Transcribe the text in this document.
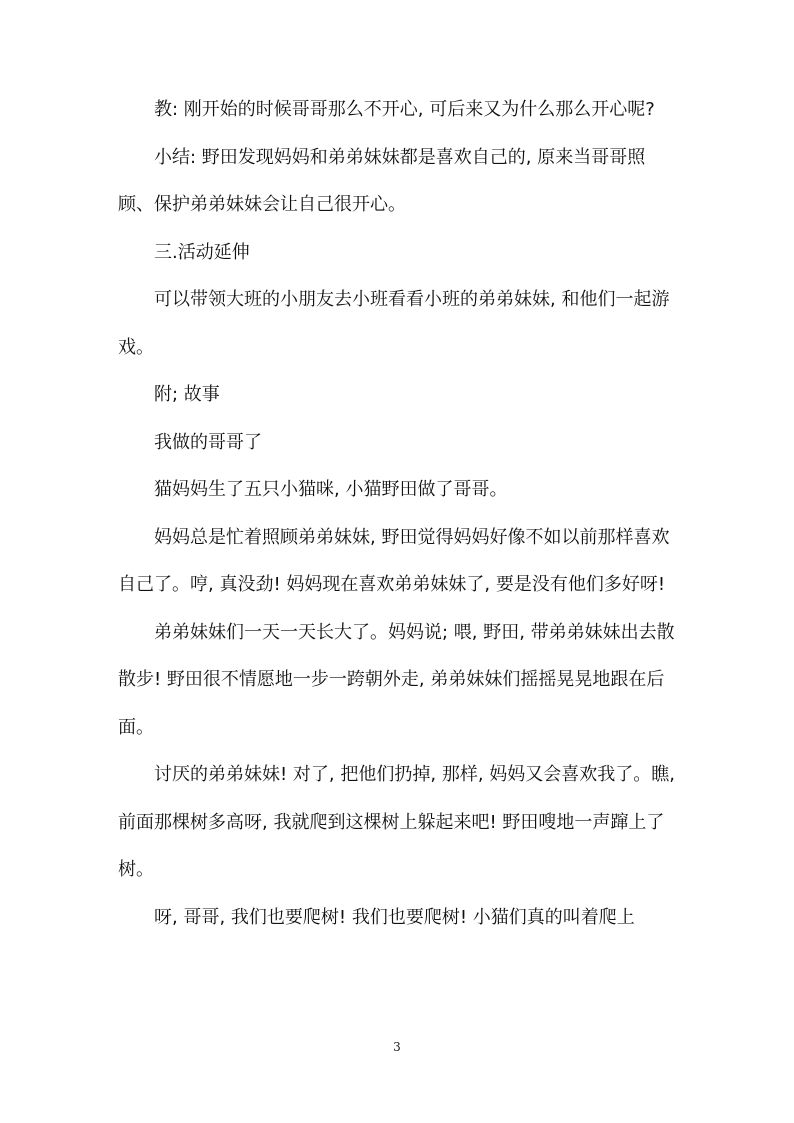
教: 刚开始的时候哥哥那么不开心, 可后来又为什么那么开心呢?

小结: 野田发现妈妈和弟弟妹妹都是喜欢自己的, 原来当哥哥照顾、保护弟弟妹妹会让自己很开心。

三.活动延伸

可以带领大班的小朋友去小班看看小班的弟弟妹妹, 和他们一起游戏。

附; 故事

我做的哥哥了

猫妈妈生了五只小猫咪, 小猫野田做了哥哥。

妈妈总是忙着照顾弟弟妹妹, 野田觉得妈妈好像不如以前那样喜欢自己了。哼, 真没劲! 妈妈现在喜欢弟弟妹妹了, 要是没有他们多好呀!

弟弟妹妹们一天一天长大了。妈妈说; 喂, 野田, 带弟弟妹妹出去散散步! 野田很不情愿地一步一跨朝外走, 弟弟妹妹们摇摇晃晃地跟在后面。

讨厌的弟弟妹妹! 对了, 把他们扔掉, 那样, 妈妈又会喜欢我了。瞧, 前面那棵树多高呀, 我就爬到这棵树上躲起来吧! 野田嗖地一声蹿上了树。

呀, 哥哥, 我们也要爬树! 我们也要爬树! 小猫们真的叫着爬上

3
